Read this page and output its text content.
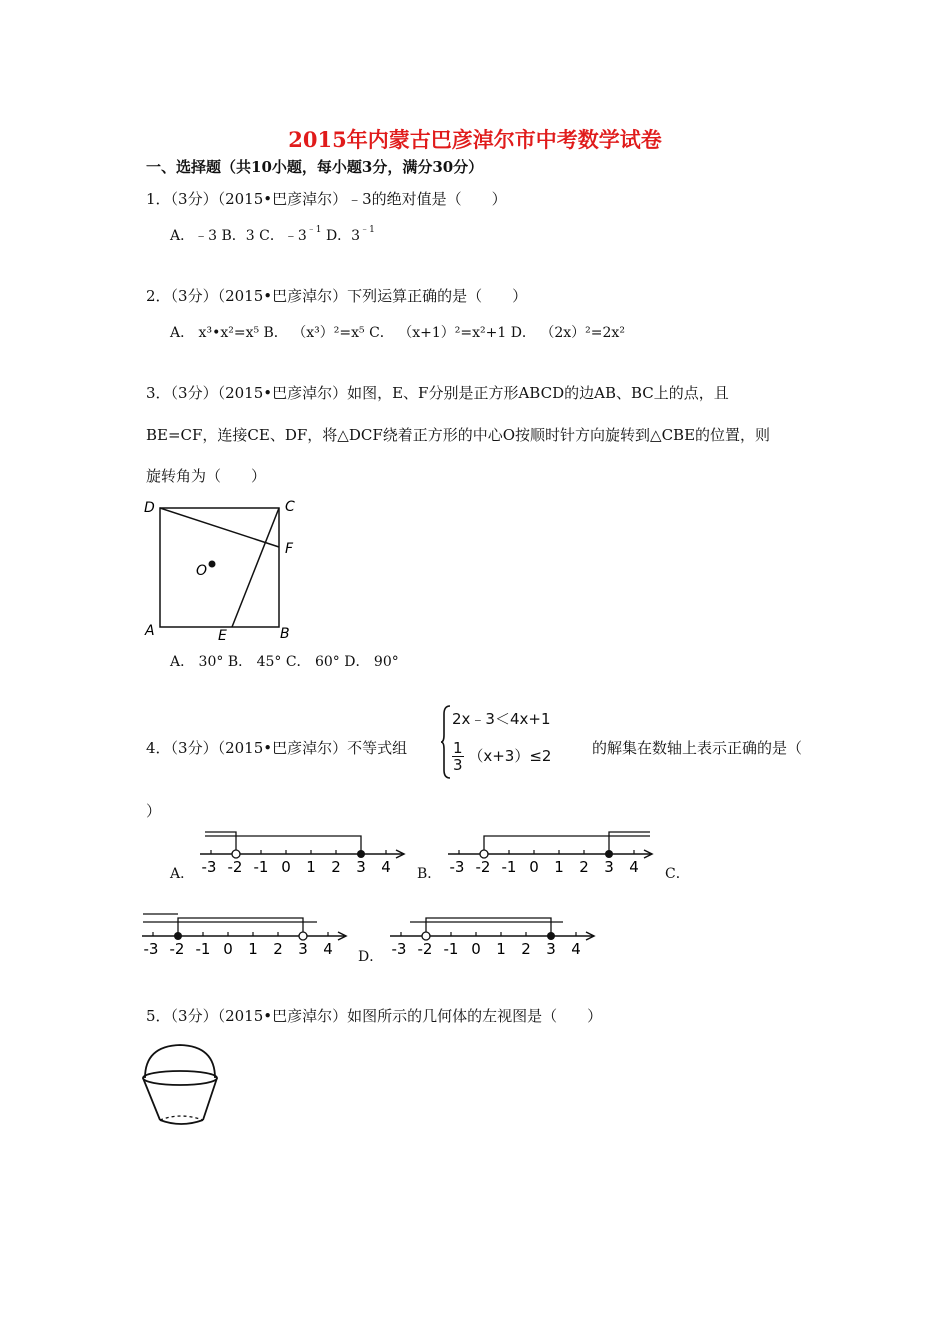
2015年内蒙古巴彦淖尔市中考数学试卷
一、选择题（共10小题，每小题3分，满分30分）
1．（3分）（2015•巴彦淖尔）﹣3的绝对值是（　　）
A．﹣3 B．3 C．$﹣3^{﹣1}$ D．$3^{﹣1}$
2．（3分）（2015•巴彦淖尔）下列运算正确的是（　　）
A． x³•x²=x⁵ B． （x³）²=x⁵ C． （x+1）²=x²+1 D． （2x）²=2x²
3．（3分）（2015•巴彦淖尔）如图，E、F分别是正方形ABCD的边AB、BC上的点，且
BE=CF，连接CE、DF，将△DCF绕着正方形的中心O按顺时针方向旋转到△CBE的位置，则
旋转角为（　　）
D	C
F
O
A	E	B
A． 30° B． 45° C． 60° D． 90°
4．（3分）（2015•巴彦淖尔）不等式组
2x﹣3＜4x+1
$\frac{1}{3} (x+3)\le 2$	的解集在数轴上表示正确的是（
）
A．	B．	C．
D．
-3 -2 -1 0 1 2 3 4	-3 -2 -1 0 1 2 3 4
-3 -2 -1 0 1 2 3 4	-3 -2 -1 0 1 2 3 4
5．（3分）（2015•巴彦淖尔）如图所示的几何体的左视图是（　　）
